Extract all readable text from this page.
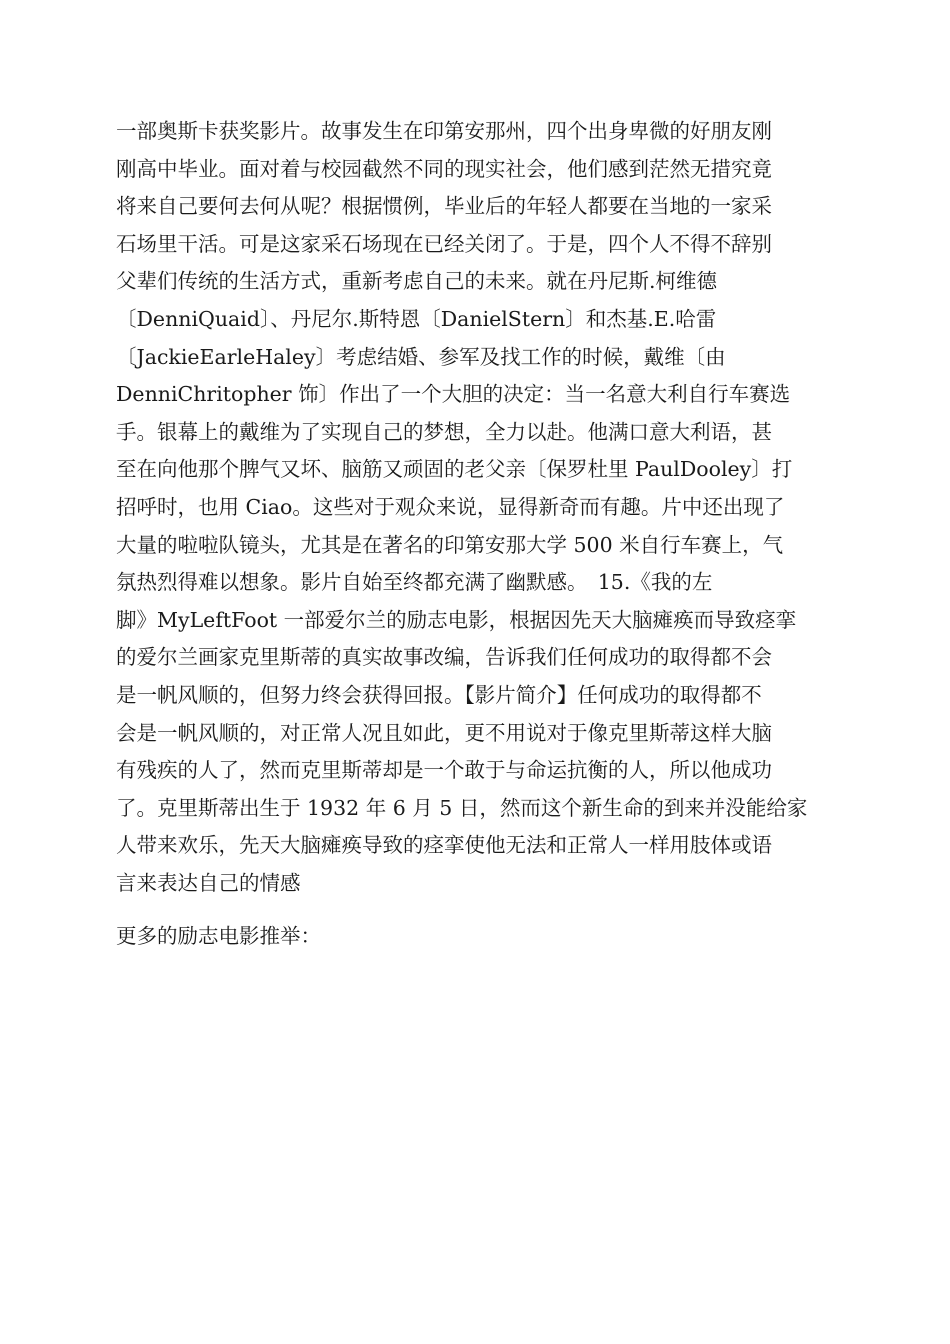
一部奥斯卡获奖影片。故事发生在印第安那州，四个出身卑微的好朋友刚
刚高中毕业。面对着与校园截然不同的现实社会，他们感到茫然无措究竟
将来自己要何去何从呢？根据惯例，毕业后的年轻人都要在当地的一家采
石场里干活。可是这家采石场现在已经关闭了。于是，四个人不得不辞别
父辈们传统的生活方式，重新考虑自己的未来。就在丹尼斯.柯维德
〔DenniQuaid〕、丹尼尔.斯特恩〔DanielStern〕和杰基.E.哈雷
〔JackieEarleHaley〕考虑结婚、参军及找工作的时候，戴维〔由
DenniChritopher 饰〕作出了一个大胆的决定：当一名意大利自行车赛选
手。银幕上的戴维为了实现自己的梦想，全力以赴。他满口意大利语，甚
至在向他那个脾气又坏、脑筋又顽固的老父亲〔保罗杜里 PaulDooley〕打
招呼时，也用 Ciao。这些对于观众来说，显得新奇而有趣。片中还出现了
大量的啦啦队镜头，尤其是在著名的印第安那大学 500 米自行车赛上，气
氛热烈得难以想象。影片自始至终都充满了幽默感。　15.《我的左
脚》MyLeftFoot 一部爱尔兰的励志电影，根据因先天大脑瘫痪而导致痉挛
的爱尔兰画家克里斯蒂的真实故事改编，告诉我们任何成功的取得都不会
是一帆风顺的，但努力终会获得回报。【影片简介】任何成功的取得都不
会是一帆风顺的，对正常人况且如此，更不用说对于像克里斯蒂这样大脑
有残疾的人了，然而克里斯蒂却是一个敢于与命运抗衡的人，所以他成功
了。克里斯蒂出生于 1932 年 6 月 5 日，然而这个新生命的到来并没能给家
人带来欢乐，先天大脑瘫痪导致的痉挛使他无法和正常人一样用肢体或语
言来表达自己的情感
更多的励志电影推举：
